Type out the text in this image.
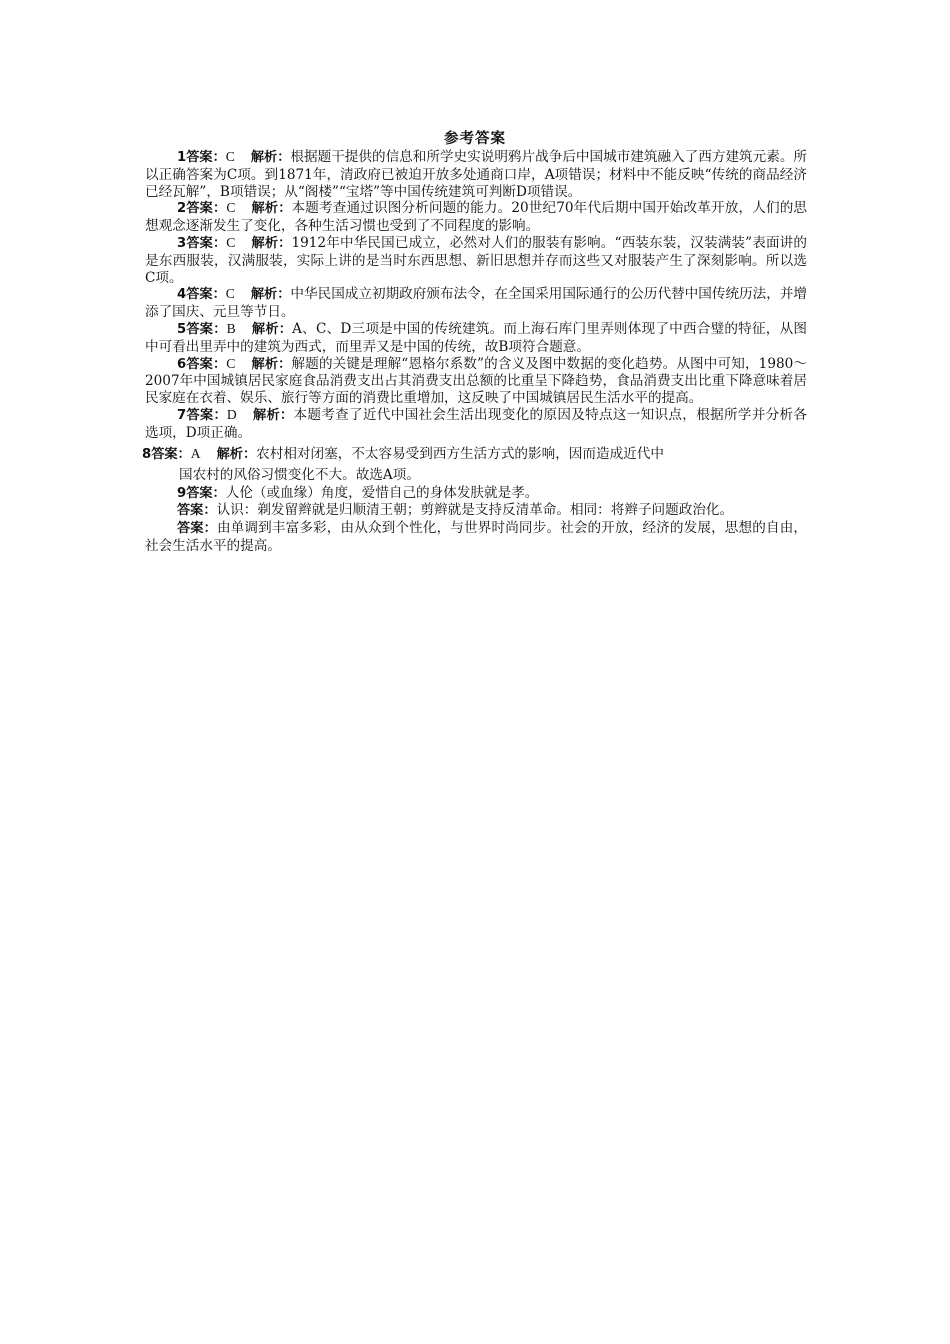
参考答案

1答案：C 解析：根据题干提供的信息和所学史实说明鸦片战争后中国城市建筑融入了西方建筑元素。所以正确答案为C项。到1871年，清政府已被迫开放多处通商口岸，A项错误；材料中不能反映“传统的商品经济已经瓦解”，B项错误；从“阁楼”“宝塔”等中国传统建筑可判断D项错误。

2答案：C 解析：本题考查通过识图分析问题的能力。20世纪70年代后期中国开始改革开放，人们的思想观念逐渐发生了变化，各种生活习惯也受到了不同程度的影响。

3答案：C 解析：1912年中华民国已成立，必然对人们的服装有影响。“西装东装，汉装满装”表面讲的是东西服装，汉满服装，实际上讲的是当时东西思想、新旧思想并存而这些又对服装产生了深刻影响。所以选C项。

4答案：C 解析：中华民国成立初期政府颁布法令，在全国采用国际通行的公历代替中国传统历法，并增添了国庆、元旦等节日。

5答案：B 解析：A、C、D三项是中国的传统建筑。而上海石库门里弄则体现了中西合璧的特征，从图中可看出里弄中的建筑为西式，而里弄又是中国的传统，故B项符合题意。

6答案：C 解析：解题的关键是理解“恩格尔系数”的含义及图中数据的变化趋势。从图中可知，1980～2007年中国城镇居民家庭食品消费支出占其消费支出总额的比重呈下降趋势，食品消费支出比重下降意味着居民家庭在衣着、娱乐、旅行等方面的消费比重增加，这反映了中国城镇居民生活水平的提高。

7答案：D 解析：本题考查了近代中国社会生活出现变化的原因及特点这一知识点，根据所学并分析各选项，D项正确。

8答案：A 解析：农村相对闭塞，不太容易受到西方生活方式的影响，因而造成近代中

国农村的风俗习惯变化不大。故选A项。

9答案：人伦（或血缘）角度，爱惜自己的身体发肤就是孝。

答案：认识：剃发留辫就是归顺清王朝；剪辫就是支持反清革命。相同：将辫子问题政治化。

答案：由单调到丰富多彩，由从众到个性化，与世界时尚同步。社会的开放，经济的发展，思想的自由，社会生活水平的提高。
